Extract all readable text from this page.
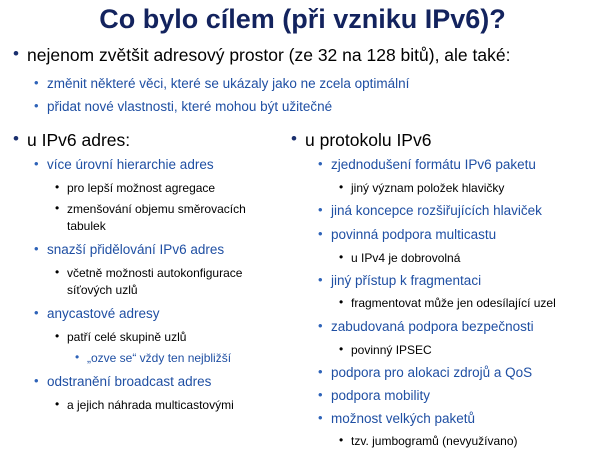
Co bylo cílem (při vzniku IPv6)?
• nejenom zvětšit adresový prostor (ze 32 na 128 bitů), ale také:
• změnit některé věci, které se ukázaly jako ne zcela optimální
• přidat nové vlastnosti, které mohou být užitečné
• u IPv6 adres:
• více úrovní hierarchie adres
• pro lepší možnost agregace
• zmenšování objemu směrovacích
tabulek
• snazší přidělování IPv6 adres
• včetně možnosti autokonfigurace
síťových uzlů
• anycastové adresy
• patří celé skupině uzlů
• „ozve se“ vždy ten nejbližší
• odstranění broadcast adres
• a jejich náhrada multicastovými
• u protokolu IPv6
• zjednodušení formátu IPv6 paketu
• jiný význam položek hlavičky
• jiná koncepce rozšiřujících hlaviček
• povinná podpora multicastu
• u IPv4 je dobrovolná
• jiný přístup k fragmentaci
• fragmentovat může jen odesílající uzel
• zabudovaná podpora bezpečnosti
• povinný IPSEC
• podpora pro alokaci zdrojů a QoS
• podpora mobility
• možnost velkých paketů
• tzv. jumbogramů (nevyužívano)
